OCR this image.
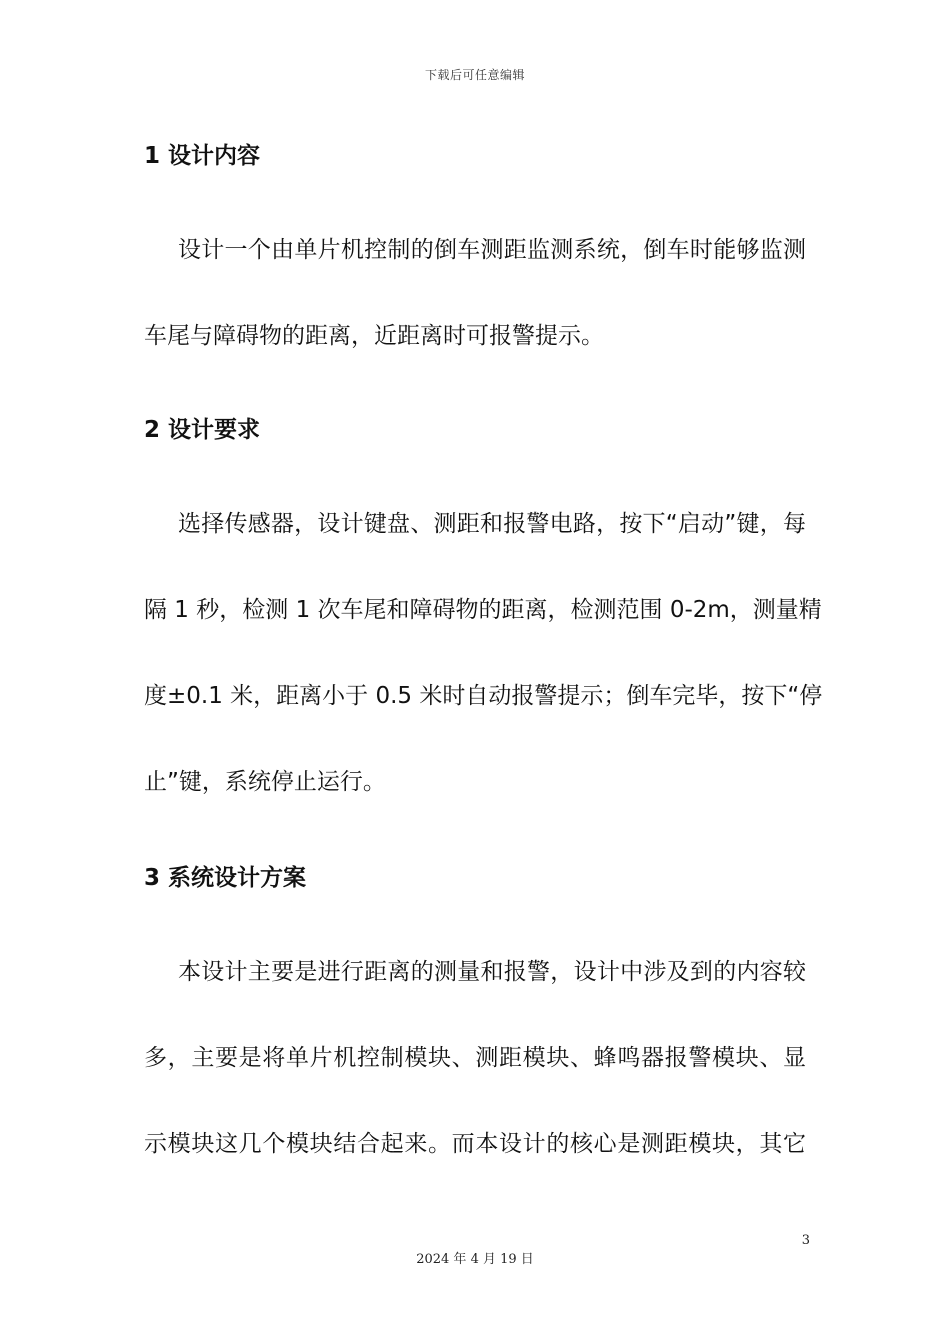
下载后可任意编辑
1 设计内容
设计一个由单片机控制的倒车测距监测系统，倒车时能够监测
车尾与障碍物的距离，近距离时可报警提示。
2 设计要求
选择传感器，设计键盘、测距和报警电路，按下“启动”键，每
隔 1 秒，检测 1 次车尾和障碍物的距离，检测范围 0-2m，测量精
度±0.1 米，距离小于 0.5 米时自动报警提示；倒车完毕，按下“停
止”键，系统停止运行。
3 系统设计方案
本设计主要是进行距离的测量和报警，设计中涉及到的内容较
多，主要是将单片机控制模块、测距模块、蜂鸣器报警模块、显
示模块这几个模块结合起来。而本设计的核心是测距模块，其它
3
2024 年 4 月 19 日
